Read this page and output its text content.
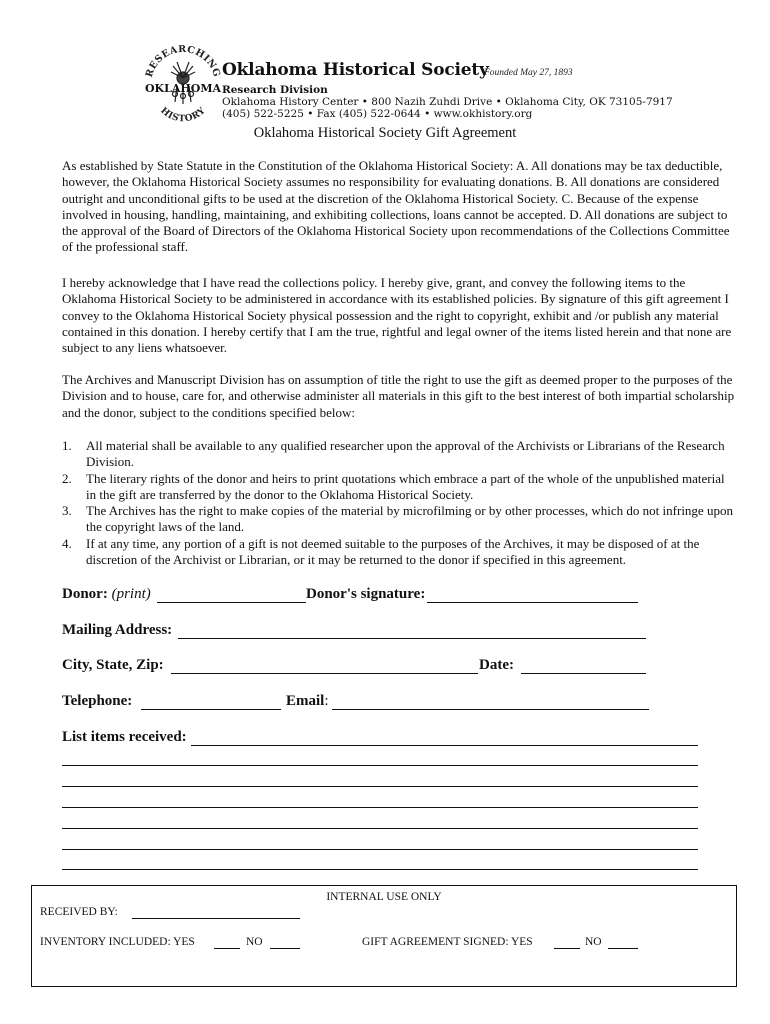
RESEARCHING
OKLAHOMA
HISTORY
Oklahoma Historical Society
Founded May 27, 1893
Research Division
Oklahoma History Center • 800 Nazih Zuhdi Drive • Oklahoma City, OK 73105-7917
(405) 522-5225 • Fax (405) 522-0644 • www.okhistory.org
Oklahoma Historical Society Gift Agreement
As established by State Statute in the Constitution of the Oklahoma Historical Society: A. All donations may be tax deductible, however, the Oklahoma Historical Society assumes no responsibility for evaluating donations. B. All donations are considered outright and unconditional gifts to be used at the discretion of the Oklahoma Historical Society. C. Because of the expense involved in housing, handling, maintaining, and exhibiting collections, loans cannot be accepted. D. All donations are subject to the approval of the Board of Directors of the Oklahoma Historical Society upon recommendations of the Collections Committee of the professional staff.
I hereby acknowledge that I have read the collections policy. I hereby give, grant, and convey the following items to the Oklahoma Historical Society to be administered in accordance with its established policies. By signature of this gift agreement I convey to the Oklahoma Historical Society physical possession and the right to copyright, exhibit and /or publish any material contained in this donation. I hereby certify that I am the true, rightful and legal owner of the items listed herein and that none are subject to any liens whatsoever.
The Archives and Manuscript Division has on assumption of title the right to use the gift as deemed proper to the purposes of the Division and to house, care for, and otherwise administer all materials in this gift to the best interest of both impartial scholarship and the donor, subject to the conditions specified below:
1. All material shall be available to any qualified researcher upon the approval of the Archivists or Librarians of the Research Division.
2. The literary rights of the donor and heirs to print quotations which embrace a part of the whole of the unpublished material in the gift are transferred by the donor to the Oklahoma Historical Society.
3. The Archives has the right to make copies of the material by microfilming or by other processes, which do not infringe upon the copyright laws of the land.
4. If at any time, any portion of a gift is not deemed suitable to the purposes of the Archives, it may be disposed of at the discretion of the Archivist or Librarian, or it may be returned to the donor if specified in this agreement.
Donor: (print)	Donor's signature:
Mailing Address:
City, State, Zip:	Date:
Telephone:	Email:
List items received:
INTERNAL USE ONLY
RECEIVED BY:
INVENTORY INCLUDED: YES	NO	GIFT AGREEMENT SIGNED: YES	NO
